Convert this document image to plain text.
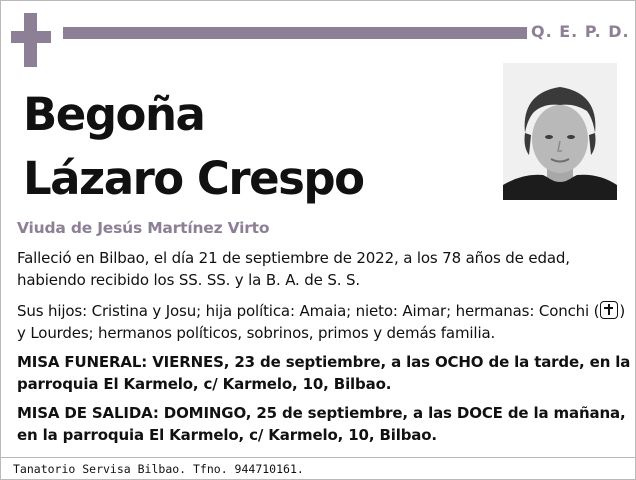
Q. E. P. D.
Begoña
Lázaro Crespo
Viuda de Jesús Martínez Virto
Falleció en Bilbao, el día 21 de septiembre de 2022, a los 78 años de edad,
habiendo recibido los SS. SS. y la B. A. de S. S.
Sus hijos: Cristina y Josu; hija política: Amaia; nieto: Aimar; hermanas: Conchi ( )
y Lourdes; hermanos políticos, sobrinos, primos y demás familia.
MISA FUNERAL: VIERNES, 23 de septiembre, a las OCHO de la tarde, en la
parroquia El Karmelo, c/ Karmelo, 10, Bilbao.
MISA DE SALIDA: DOMINGO, 25 de septiembre, a las DOCE de la mañana,
en la parroquia El Karmelo, c/ Karmelo, 10, Bilbao.
Tanatorio Servisa Bilbao. Tfno. 944710161.
